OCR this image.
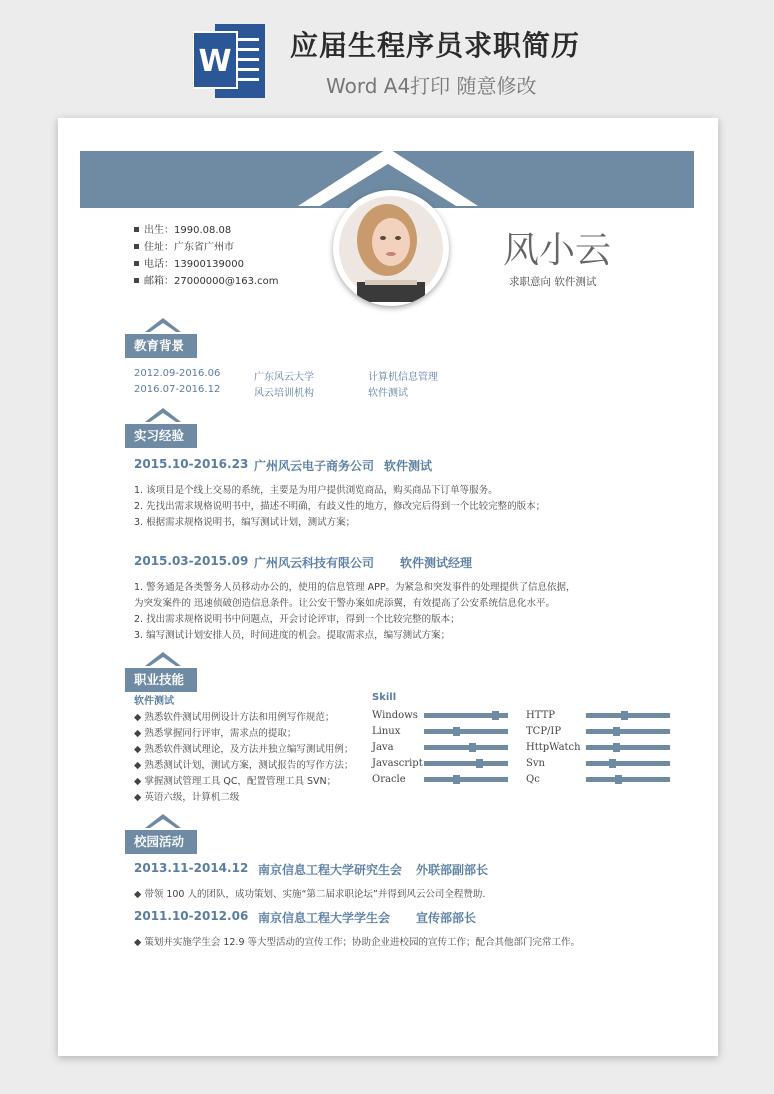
W 应届生程序员求职简历
Word A4打印 随意修改
出生：1990.08.08
住址：广东省广州市
电话：13900139000
邮箱：27000000@163.com
风小云
求职意向 软件测试
教育背景
2012.09-2016.06	广东风云大学	计算机信息管理
2016.07-2016.12	风云培训机构	软件测试
实习经验
2015.10-2016.23 广州风云电子商务公司 软件测试
1. 该项目是个线上交易的系统，主要是为用户提供浏览商品，购买商品下订单等服务。
2. 先找出需求规格说明书中，描述不明确，有歧义性的地方，修改完后得到一个比较完整的版本；
3. 根据需求规格说明书，编写测试计划，测试方案；
2015.03-2015.09 广州风云科技有限公司 软件测试经理
1. 警务通是各类警务人员移动办公的，使用的信息管理 APP。为紧急和突发事件的处理提供了信息依据，
为突发案件的 迅速侦破创造信息条件。让公安干警办案如虎添翼，有效提高了公安系统信息化水平。
2. 找出需求规格说明书中问题点，开会讨论评审，得到一个比较完整的版本；
3. 编写测试计划安排人员，时间进度的机会。提取需求点，编写测试方案；
职业技能
软件测试
◆ 熟悉软件测试用例设计方法和用例写作规范；
◆ 熟悉掌握同行评审，需求点的提取；
◆ 熟悉软件测试理论，及方法并独立编写测试用例；
◆ 熟悉测试计划，测试方案，测试报告的写作方法；
◆ 掌握测试管理工具 QC，配置管理工具 SVN；
◆ 英语六级，计算机二级
Skill
Windows
Linux
Java
Javascript
Oracle
HTTP
TCP/IP
HttpWatch
Svn
Qc
校园活动
2013.11-2014.12 南京信息工程大学研究生会 外联部副部长
◆ 带领 100 人的团队，成功策划、实施“第二届求职论坛”并得到风云公司全程赞助.
2011.10-2012.06 南京信息工程大学学生会 宣传部部长
◆ 策划并实施学生会 12.9 等大型活动的宣传工作；协助企业进校园的宣传工作；配合其他部门完常工作。
